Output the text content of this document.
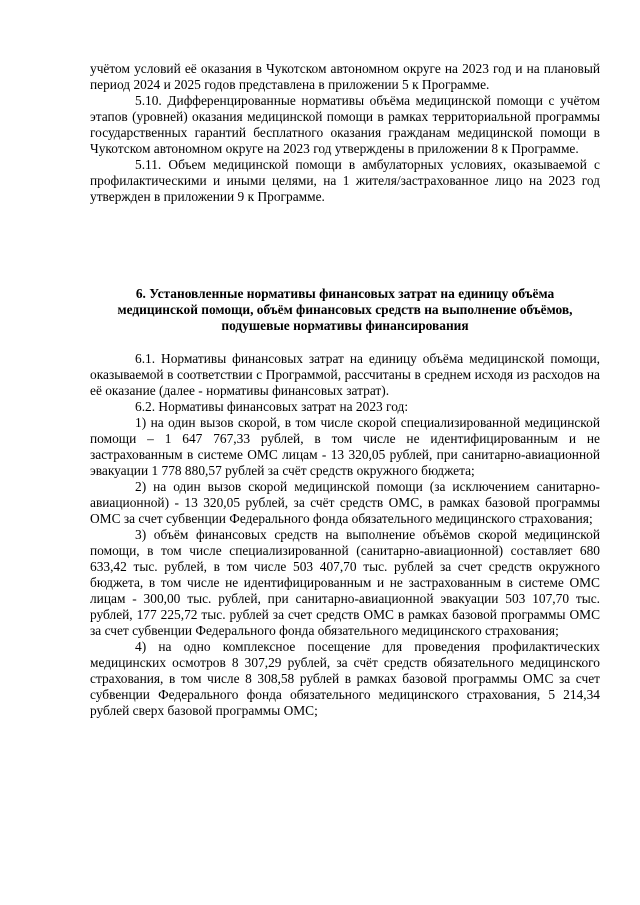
учётом условий её оказания в Чукотском автономном округе на 2023 год и на плановый период 2024 и 2025 годов представлена в приложении 5 к Программе.

5.10. Дифференцированные нормативы объёма медицинской помощи с учётом этапов (уровней) оказания медицинской помощи в рамках территориальной программы государственных гарантий бесплатного оказания гражданам медицинской помощи в Чукотском автономном округе на 2023 год утверждены в приложении 8 к Программе.

5.11. Объем медицинской помощи в амбулаторных условиях, оказываемой с профилактическими и иными целями, на 1 жителя/застрахованное лицо на 2023 год утвержден в приложении 9 к Программе.

6. Установленные нормативы финансовых затрат на единицу объёма медицинской помощи, объём финансовых средств на выполнение объёмов, подушевые нормативы финансирования

6.1. Нормативы финансовых затрат на единицу объёма медицинской помощи, оказываемой в соответствии с Программой, рассчитаны в среднем исходя из расходов на её оказание (далее - нормативы финансовых затрат).

6.2. Нормативы финансовых затрат на 2023 год:

1) на один вызов скорой, в том числе скорой специализированной медицинской помощи – 1 647 767,33 рублей, в том числе не идентифицированным и не застрахованным в системе ОМС лицам - 13 320,05 рублей, при санитарно-авиационной эвакуации 1 778 880,57 рублей за счёт средств окружного бюджета;

2) на один вызов скорой медицинской помощи (за исключением санитарно-авиационной) - 13 320,05 рублей, за счёт средств ОМС, в рамках базовой программы ОМС за счет субвенции Федерального фонда обязательного медицинского страхования;

3) объём финансовых средств на выполнение объёмов скорой медицинской помощи, в том числе специализированной (санитарно-авиационной) составляет 680 633,42 тыс. рублей, в том числе 503 407,70 тыс. рублей за счет средств окружного бюджета, в том числе не идентифицированным и не застрахованным в системе ОМС лицам - 300,00 тыс. рублей, при санитарно-авиационной эвакуации 503 107,70 тыс. рублей, 177 225,72 тыс. рублей за счет средств ОМС в рамках базовой программы ОМС за счет субвенции Федерального фонда обязательного медицинского страхования;

4) на одно комплексное посещение для проведения профилактических медицинских осмотров 8 307,29 рублей, за счёт средств обязательного медицинского страхования, в том числе 8 308,58 рублей в рамках базовой программы ОМС за счет субвенции Федерального фонда обязательного медицинского страхования, 5 214,34 рублей сверх базовой программы ОМС;
